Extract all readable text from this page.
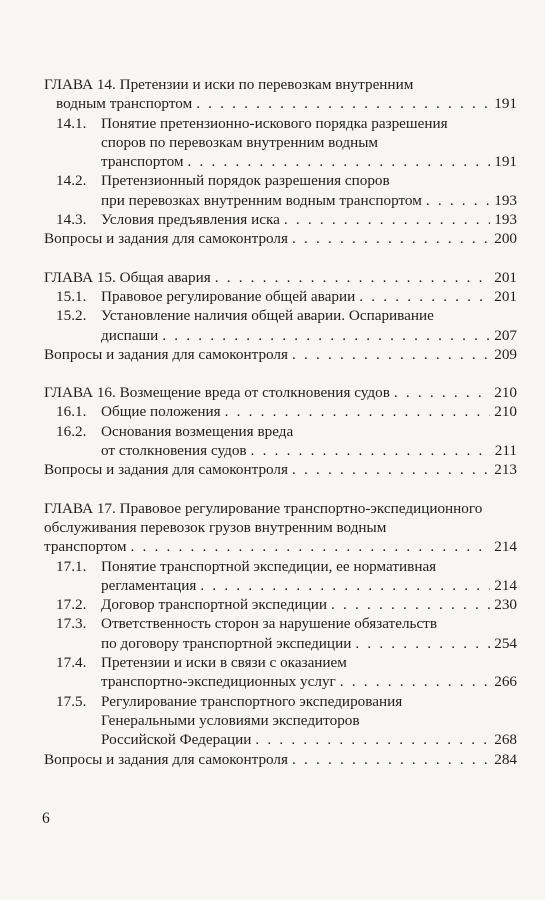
ГЛАВА 14. Претензии и иски по перевозкам внутренним
водным транспортом . . .	191
14.1. Понятие претензионно-искового порядка разрешения
споров по перевозкам внутренним водным
транспортом . . .	191
14.2. Претензионный порядок разрешения споров
при перевозках внутренним водным транспортом . . .	193
14.3. Условия предъявления иска . . .	193
Вопросы и задания для самоконтроля . . .	200
ГЛАВА 15. Общая авария . . .	201
15.1. Правовое регулирование общей аварии . . .	201
15.2. Установление наличия общей аварии. Оспаривание
диспаши . . .	207
Вопросы и задания для самоконтроля . . .	209
ГЛАВА 16. Возмещение вреда от столкновения судов . . .	210
16.1. Общие положения . . .	210
16.2. Основания возмещения вреда
от столкновения судов . . .	211
Вопросы и задания для самоконтроля . . .	213
ГЛАВА 17. Правовое регулирование транспортно-экспедиционного
обслуживания перевозок грузов внутренним водным
транспортом . . .	214
17.1. Понятие транспортной экспедиции, ее нормативная
регламентация . . .	214
17.2. Договор транспортной экспедиции . . .	230
17.3. Ответственность сторон за нарушение обязательств
по договору транспортной экспедиции . . .	254
17.4. Претензии и иски в связи с оказанием
транспортно-экспедиционных услуг . . .	266
17.5. Регулирование транспортного экспедирования
Генеральными условиями экспедиторов
Российской Федерации . . .	268
Вопросы и задания для самоконтроля . . .	284
6
